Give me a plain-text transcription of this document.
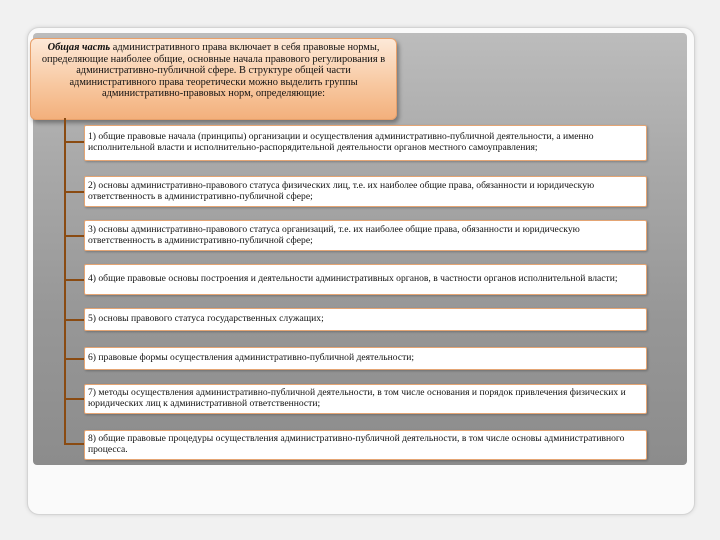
Общая часть административного права включает в себя правовые нормы, определяющие наиболее общие, основные начала правового регулирования в административно-публичной сфере. В структуре общей части административного права теоретически можно выделить группы административно-правовых норм, определяющие:
1) общие правовые начала (принципы) организации и осуществления административно-публичной деятельности, а именно исполнительной власти и исполнительно-распорядительной деятельности органов местного самоуправления;
2) основы административно-правового статуса физических лиц, т.е. их наиболее общие права, обязанности и юридическую ответственность в административно-публичной сфере;
3) основы административно-правового статуса организаций, т.е. их наиболее общие права, обязанности и юридическую ответственность в административно-публичной сфере;
4) общие правовые основы построения и деятельности административных органов, в частности органов исполнительной власти;
5) основы правового статуса государственных служащих;
6) правовые формы осуществления административно-публичной деятельности;
7) методы осуществления административно-публичной деятельности, в том числе основания и порядок привлечения физических и юридических лиц к административной ответственности;
8) общие правовые процедуры осуществления административно-публичной деятельности, в том числе основы административного процесса.
